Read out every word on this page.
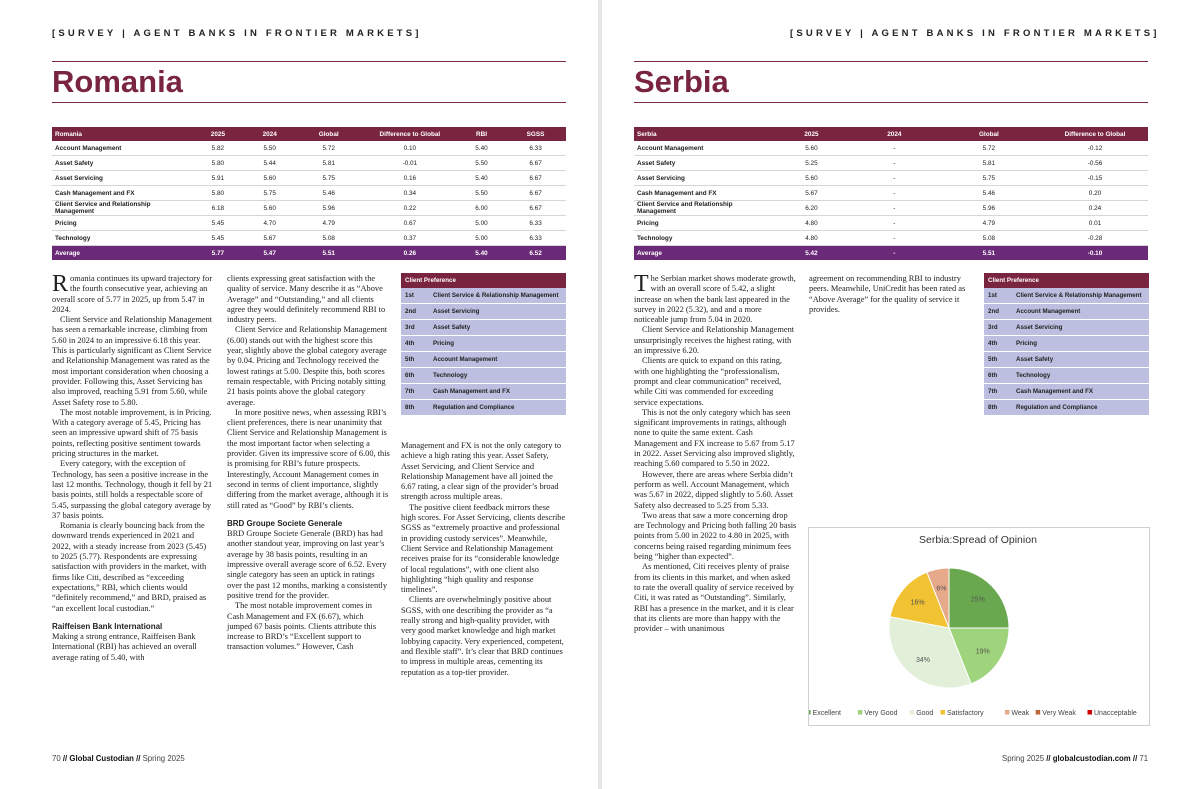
[SURVEY | AGENT BANKS IN FRONTIER MARKETS]	[SURVEY | AGENT BANKS IN FRONTIER MARKETS]
Romania	Serbia
Romania	2025	2024	Global	Difference to Global	RBI	SGSS
Account Management	5.82	5.50	5.72	0.10	5.40	6.33
Asset Safety	5.80	5.44	5.81	-0.01	5.50	6.67
Asset Servicing	5.91	5.60	5.75	0.16	5.40	6.67
Cash Management and FX	5.80	5.75	5.46	0.34	5.50	6.67
Client Service and Relationship Management	6.18	5.60	5.96	0.22	6.00	6.67
Pricing	5.45	4.70	4.79	0.67	5.00	6.33
Technology	5.45	5.67	5.08	0.37	5.00	6.33
Average	5.77	5.47	5.51	0.26	5.40	6.52
Serbia	2025	2024	Global	Difference to Global
Account Management	5.60	-	5.72	-0.12
Asset Safety	5.25	-	5.81	-0.56
Asset Servicing	5.60	-	5.75	-0.15
Cash Management and FX	5.67	-	5.46	0.20
Client Service and Relationship Management	6.20	-	5.96	0.24
Pricing	4.80	-	4.79	0.01
Technology	4.80	-	5.08	-0.28
Average	5.42	-	5.51	-0.10

Romania continues its upward trajectory for the fourth consecutive year, achieving an overall score of 5.77 in 2025, up from 5.47 in 2024.

Client Service and Relationship Management has seen a remarkable increase, climbing from 5.60 in 2024 to an impressive 6.18 this year. This is particularly significant as Client Service and Relationship Management was rated as the most important consideration when choosing a provider. Following this, Asset Servicing has also improved, reaching 5.91 from 5.60, while Asset Safety rose to 5.80.

The most notable improvement, is in Pricing. With a category average of 5.45, Pricing has seen an impressive upward shift of 75 basis points, reflecting positive sentiment towards pricing structures in the market.

Every category, with the exception of Technology, has seen a positive increase in the last 12 months. Technology, though it fell by 21 basis points, still holds a respectable score of 5.45, surpassing the global category average by 37 basis points.

Romania is clearly bouncing back from the downward trends experienced in 2021 and 2022, with a steady increase from 2023 (5.45) to 2025 (5.77). Respondents are expressing satisfaction with providers in the market, with firms like Citi, described as “exceeding expectations,” RBI, which clients would “definitely recommend,” and BRD, praised as “an excellent local custodian.”

Raiffeisen Bank International

Making a strong entrance, Raiffeisen Bank International (RBI) has achieved an overall average rating of 5.40, with

clients expressing great satisfaction with the quality of service. Many describe it as “Above Average” and “Outstanding,” and all clients agree they would definitely recommend RBI to industry peers.

Client Service and Relationship Management (6.00) stands out with the highest score this year, slightly above the global category average by 0.04. Pricing and Technology received the lowest ratings at 5.00. Despite this, both scores remain respectable, with Pricing notably sitting 21 basis points above the global category average.

In more positive news, when assessing RBI’s client preferences, there is near unanimity that Client Service and Relationship Management is the most important factor when selecting a provider. Given its impressive score of 6.00, this is promising for RBI’s future prospects. Interestingly, Account Management comes in second in terms of client importance, slightly differing from the market average, although it is still rated as “Good” by RBI’s clients.

BRD Groupe Societe Generale

BRD Groupe Societe Generale (BRD) has had another standout year, improving on last year’s average by 38 basis points, resulting in an impressive overall average score of 6.52. Every single category has seen an uptick in ratings over the past 12 months, marking a consistently positive trend for the provider.

The most notable improvement comes in Cash Management and FX (6.67), which jumped 67 basis points. Clients attribute this increase to BRD’s “Excellent support to transaction volumes.” However, Cash

Client Preference	
1st	Client Service & Relationship Management
2nd	Asset Servicing
3rd	Asset Safety
4th	Pricing
5th	Account Management
6th	Technology
7th	Cash Management and FX
8th	Regulation and Compliance

Management and FX is not the only category to achieve a high rating this year. Asset Safety, Asset Servicing, and Client Service and Relationship Management have all joined the 6.67 rating, a clear sign of the provider’s broad strength across multiple areas.

The positive client feedback mirrors these high scores. For Asset Servicing, clients describe SGSS as “extremely proactive and professional in providing custody services”. Meanwhile, Client Service and Relationship Management receives praise for its “considerable knowledge of local regulations”, with one client also highlighting “high quality and response timelines”.

Clients are overwhelmingly positive about SGSS, with one describing the provider as “a really strong and high-quality provider, with very good market knowledge and high market lobbying capacity. Very experienced, competent, and flexible staff”. It’s clear that BRD continues to impress in multiple areas, cementing its reputation as a top-tier provider.

The Serbian market shows moderate growth, with an overall score of 5.42, a slight increase on when the bank last appeared in the survey in 2022 (5.32), and and a more noticeable jump from 5.04 in 2020.

Client Service and Relationship Management unsurprisingly receives the highest rating, with an impressive 6.20.

Clients are quick to expand on this rating, with one highlighting the “professionalism, prompt and clear communication” received, while Citi was commended for exceeding service expectations.

This is not the only category which has seen significant improvements in ratings, although none to quite the same extent. Cash Management and FX increase to 5.67 from 5.17 in 2022. Asset Servicing also improved slightly, reaching 5.60 compared to 5.50 in 2022.

However, there are areas where Serbia didn’t perform as well. Account Management, which was 5.67 in 2022, dipped slightly to 5.60. Asset Safety also decreased to 5.25 from 5.33.

Two areas that saw a more concerning drop are Technology and Pricing both falling 20 basis points from 5.00 in 2022 to 4.80 in 2025, with concerns being raised regarding minimum fees being “higher than expected”.

As mentioned, Citi receives plenty of praise from its clients in this market, and when asked to rate the overall quality of service received by Citi, it was rated as “Outstanding”. Similarly, RBI has a presence in the market, and it is clear that its clients are more than happy with the provider – with unanimous

agreement on recommending RBI to industry peers. Meanwhile, UniCredit has been rated as “Above Average” for the quality of service it provides.

Client Preference	
1st	Client Service & Relationship Management
2nd	Account Management
3rd	Asset Servicing
4th	Pricing
5th	Asset Safety
6th	Technology
7th	Cash Management and FX
8th	Regulation and Compliance
Serbia:Spread of Opinion
25%
19%
34%
16%
6%
Excellent	Very Good	Good Satisfactory	Weak Very Weak	Unacceptable
70 // Global Custodian // Spring 2025	Spring 2025 // globalcustodian.com // 71
